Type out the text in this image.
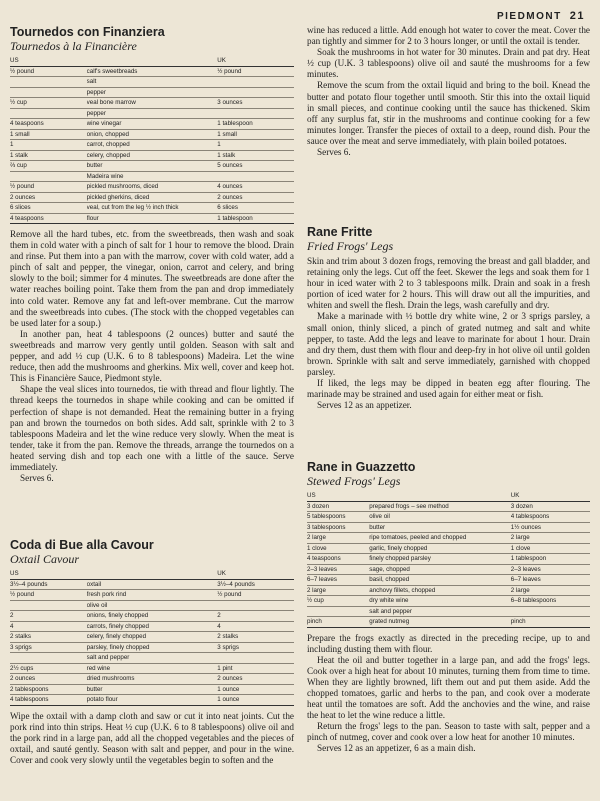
PIEDMONT 21
Tournedos con Finanziera
Tournedos à la Financière
US		UK
½ pound	calf's sweetbreads	½ pound
	salt	
	pepper	
½ cup	veal bone marrow	3 ounces
	pepper	
4 teaspoons	wine vinegar	1 tablespoon
1 small	onion, chopped	1 small
1	carrot, chopped	1
1 stalk	celery, chopped	1 stalk
⅔ cup	butter	5 ounces
	Madeira wine	
½ pound	pickled mushrooms, diced	4 ounces
2 ounces	pickled gherkins, diced	2 ounces
6 slices	veal, cut from the leg ½ inch thick	6 slices
4 teaspoons	flour	1 tablespoon

Remove all the hard tubes, etc. from the sweetbreads, then wash and soak them in cold water with a pinch of salt for 1 hour to remove the blood. Drain and rinse. Put them into a pan with the marrow, cover with cold water, add a pinch of salt and pepper, the vinegar, onion, carrot and celery, and bring slowly to the boil; simmer for 4 minutes. The sweetbreads are done after the water reaches boiling point. Take them from the pan and drop immediately into cold water. Remove any fat and left-over membrane. Cut the marrow and the sweetbreads into cubes. (The stock with the chopped vegetables can be used later for a soup.)

In another pan, heat 4 tablespoons (2 ounces) butter and sauté the sweetbreads and marrow very gently until golden. Season with salt and pepper, and add ½ cup (U.K. 6 to 8 tablespoons) Madeira. Let the wine reduce, then add the mushrooms and gherkins. Mix well, cover and keep hot. This is Financière Sauce, Piedmont style.

Shape the veal slices into tournedos, tie with thread and flour lightly. The thread keeps the tournedos in shape while cooking and can be omitted if perfection of shape is not demanded. Heat the remaining butter in a frying pan and brown the tournedos on both sides. Add salt, sprinkle with 2 to 3 tablespoons Madeira and let the wine reduce very slowly. When the meat is tender, take it from the pan. Remove the threads, arrange the tournedos on a heated serving dish and top each one with a little of the sauce. Serve immediately.

Serves 6.

Coda di Bue alla Cavour
Oxtail Cavour
US		UK
3½–4 pounds	oxtail	3½–4 pounds
½ pound	fresh pork rind	½ pound
	olive oil	
2	onions, finely chopped	2
4	carrots, finely chopped	4
2 stalks	celery, finely chopped	2 stalks
3 sprigs	parsley, finely chopped	3 sprigs
	salt and pepper	
2½ cups	red wine	1 pint
2 ounces	dried mushrooms	2 ounces
2 tablespoons	butter	1 ounce
4 tablespoons	potato flour	1 ounce

Wipe the oxtail with a damp cloth and saw or cut it into neat joints. Cut the pork rind into thin strips. Heat ½ cup (U.K. 6 to 8 tablespoons) olive oil and the pork rind in a large pan, add all the chopped vegetables and the pieces of oxtail, and sauté gently. Season with salt and pepper, and pour in the wine. Cover and cook very slowly until the vegetables begin to soften and the

wine has reduced a little. Add enough hot water to cover the meat. Cover the pan tightly and simmer for 2 to 3 hours longer, or until the oxtail is tender.

Soak the mushrooms in hot water for 30 minutes. Drain and pat dry. Heat ½ cup (U.K. 3 tablespoons) olive oil and sauté the mushrooms for a few minutes.

Remove the scum from the oxtail liquid and bring to the boil. Knead the butter and potato flour together until smooth. Stir this into the oxtail liquid in small pieces, and continue cooking until the sauce has thickened. Skim off any surplus fat, stir in the mushrooms and continue cooking for a few minutes longer. Transfer the pieces of oxtail to a deep, round dish. Pour the sauce over the meat and serve immediately, with plain boiled potatoes.

Serves 6.

Rane Fritte
Fried Frogs' Legs

Skin and trim about 3 dozen frogs, removing the breast and gall bladder, and retaining only the legs. Cut off the feet. Skewer the legs and soak them for 1 hour in iced water with 2 to 3 tablespoons milk. Drain and soak in a fresh portion of iced water for 2 hours. This will draw out all the impurities, and whiten and swell the flesh. Drain the legs, wash carefully and dry.

Make a marinade with ½ bottle dry white wine, 2 or 3 sprigs parsley, a small onion, thinly sliced, a pinch of grated nutmeg and salt and white pepper, to taste. Add the legs and leave to marinate for about 1 hour. Drain and dry them, dust them with flour and deep-fry in hot olive oil until golden brown. Sprinkle with salt and serve immediately, garnished with chopped parsley.

If liked, the legs may be dipped in beaten egg after flouring. The marinade may be strained and used again for either meat or fish.

Serves 12 as an appetizer.

Rane in Guazzetto
Stewed Frogs' Legs
US		UK
3 dozen	prepared frogs – see method	3 dozen
5 tablespoons	olive oil	4 tablespoons
3 tablespoons	butter	1½ ounces
2 large	ripe tomatoes, peeled and chopped	2 large
1 clove	garlic, finely chopped	1 clove
4 teaspoons	finely chopped parsley	1 tablespoon
2–3 leaves	sage, chopped	2–3 leaves
6–7 leaves	basil, chopped	6–7 leaves
2 large	anchovy fillets, chopped	2 large
½ cup	dry white wine	6–8 tablespoons
	salt and pepper	
pinch	grated nutmeg	pinch

Prepare the frogs exactly as directed in the preceding recipe, up to and including dusting them with flour.

Heat the oil and butter together in a large pan, and add the frogs' legs. Cook over a high heat for about 10 minutes, turning them from time to time. When they are lightly browned, lift them out and put them aside. Add the chopped tomatoes, garlic and herbs to the pan, and cook over a moderate heat until the tomatoes are soft. Add the anchovies and the wine, and raise the heat to let the wine reduce a little.

Return the frogs' legs to the pan. Season to taste with salt, pepper and a pinch of nutmeg, cover and cook over a low heat for another 10 minutes.

Serves 12 as an appetizer, 6 as a main dish.
